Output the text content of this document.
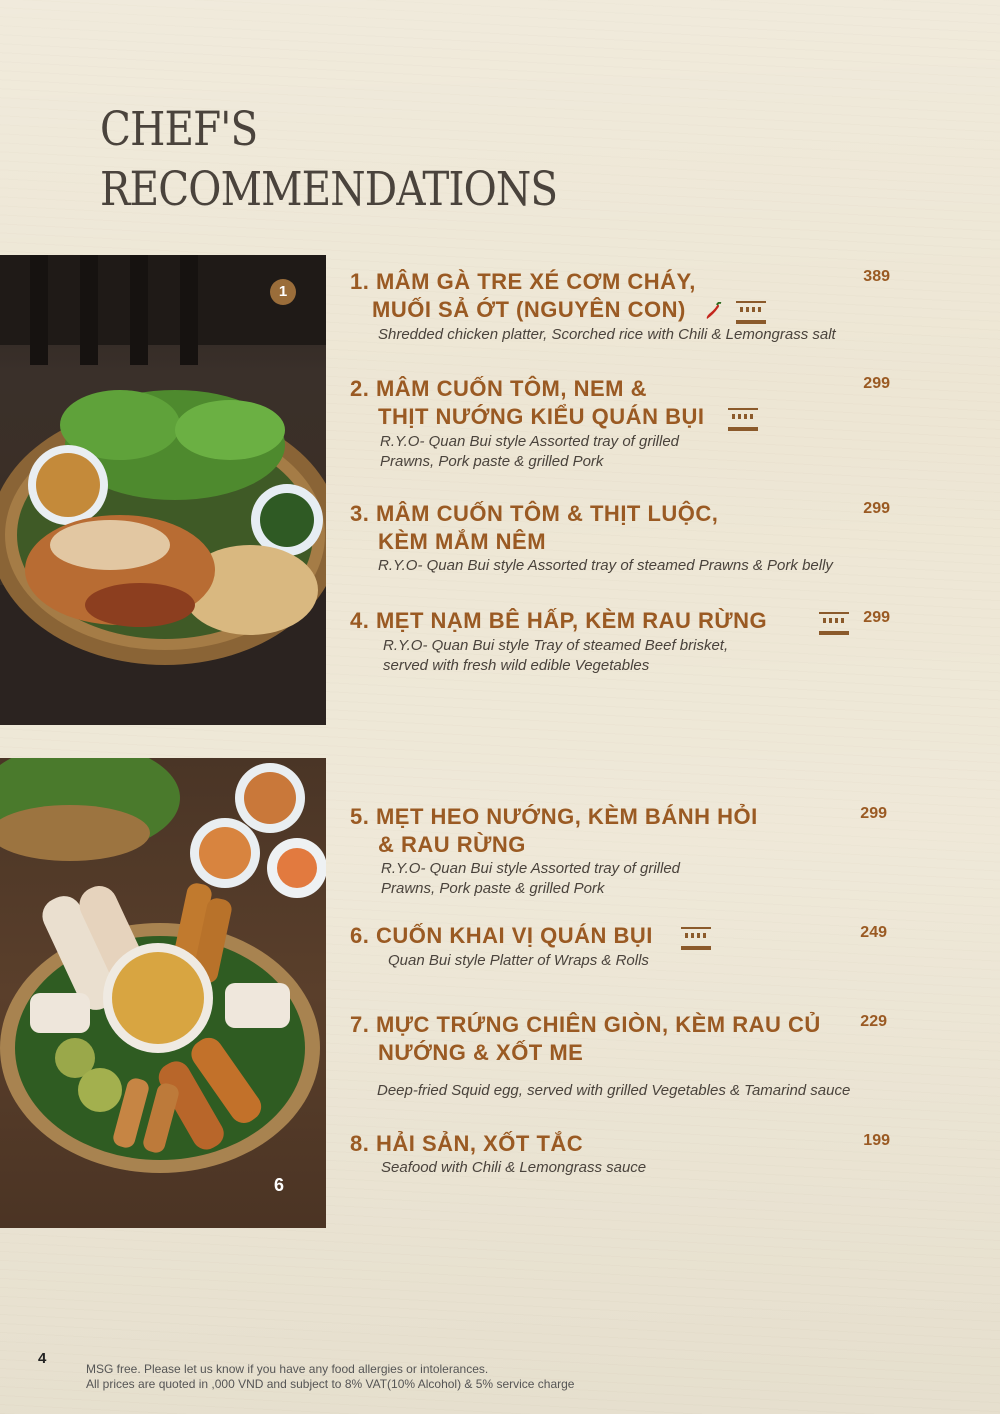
CHEF'S
RECOMMENDATIONS
1
6
1. MÂM GÀ TRE XÉ CƠM CHÁY,
MUỐI SẢ ỚT (NGUYÊN CON)
Shredded chicken platter, Scorched rice with Chili & Lemongrass salt
389
2. MÂM CUỐN TÔM, NEM &
THỊT NƯỚNG KIỂU QUÁN BỤI
R.Y.O- Quan Bui style Assorted tray of grilled
Prawns, Pork paste & grilled Pork
299
3. MÂM CUỐN TÔM & THỊT LUỘC,
KÈM MẮM NÊM
R.Y.O- Quan Bui style Assorted tray of steamed Prawns & Pork belly
299
4. MẸT NẠM BÊ HẤP, KÈM RAU RỪNG
R.Y.O- Quan Bui style Tray of steamed Beef brisket,
served with fresh wild edible Vegetables
299
5. MẸT HEO NƯỚNG, KÈM BÁNH HỎI
& RAU RỪNG
R.Y.O- Quan Bui style Assorted tray of grilled
Prawns, Pork paste & grilled Pork
299
6. CUỐN KHAI VỊ QUÁN BỤI
Quan Bui style Platter of Wraps & Rolls
249
7. MỰC TRỨNG CHIÊN GIÒN, KÈM RAU CỦ
NƯỚNG & XỐT ME
Deep-fried Squid egg, served with grilled Vegetables & Tamarind sauce
229
8. HẢI SẢN, XỐT TẮC
Seafood with Chili & Lemongrass sauce
199
4
MSG free. Please let us know if you have any food allergies or intolerances.
All prices are quoted in ,000 VND and subject to 8% VAT(10% Alcohol) & 5% service charge
